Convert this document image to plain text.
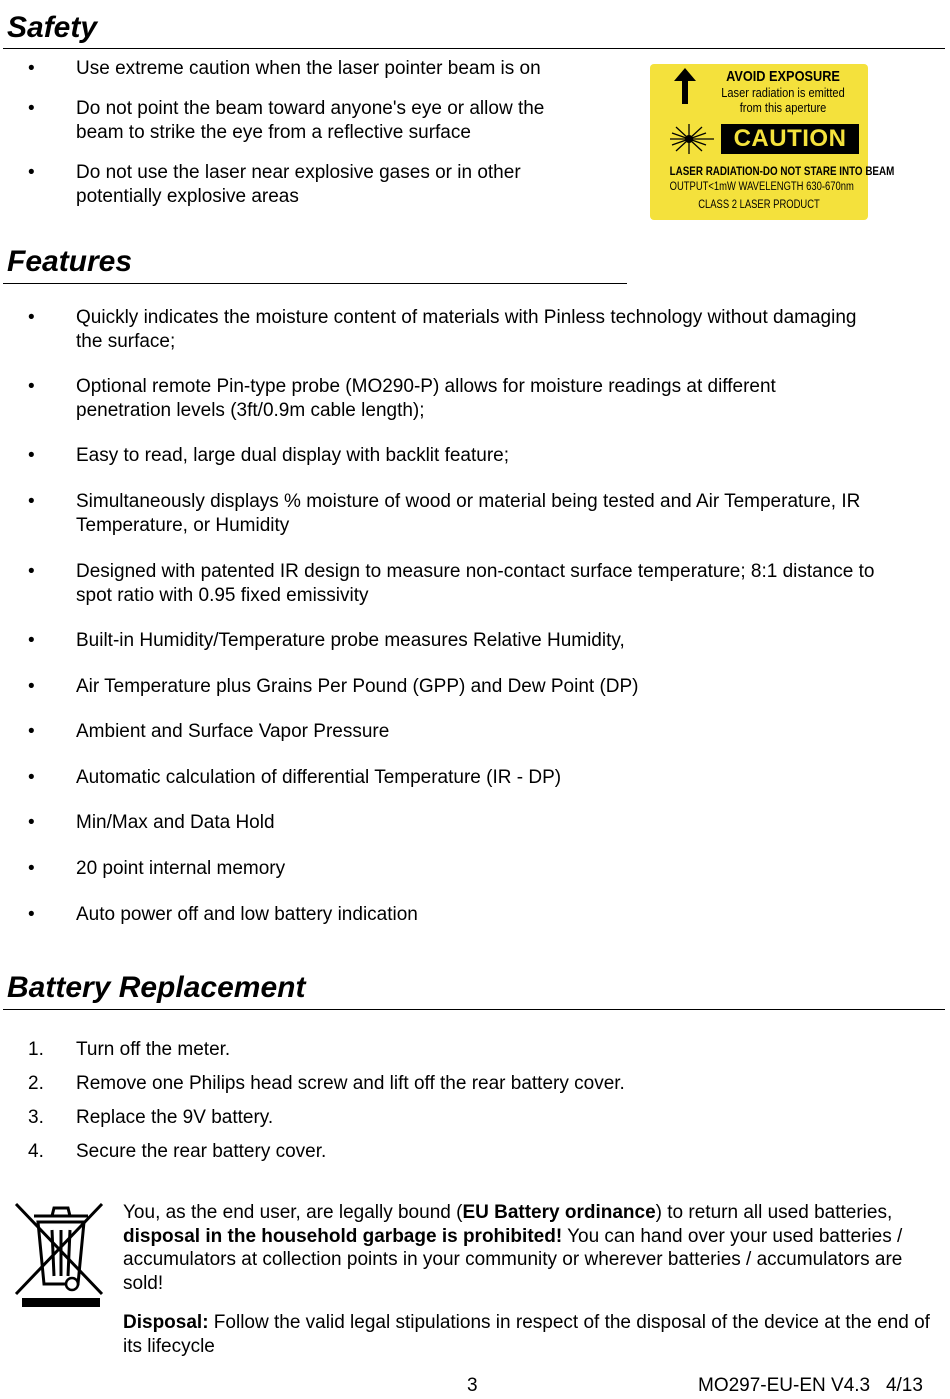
Safety
• Use extreme caution when the laser pointer beam is on
• Do not point the beam toward anyone's eye or allow the
beam to strike the eye from a reflective surface
• Do not use the laser near explosive gases or in other
potentially explosive areas
AVOID EXPOSURE
Laser radiation is emitted
from this aperture
CAUTION
LASER RADIATION-DO NOT STARE INTO BEAM
OUTPUT<1mW WAVELENGTH 630-670nm
CLASS 2 LASER PRODUCT
Features
• Quickly indicates the moisture content of materials with Pinless technology without damaging
the surface;
• Optional remote Pin-type probe (MO290-P) allows for moisture readings at different
penetration levels (3ft/0.9m cable length);
• Easy to read, large dual display with backlit feature;
• Simultaneously displays % moisture of wood or material being tested and Air Temperature, IR
Temperature, or Humidity
• Designed with patented IR design to measure non-contact surface temperature; 8:1 distance to
spot ratio with 0.95 fixed emissivity
• Built-in Humidity/Temperature probe measures Relative Humidity,
• Air Temperature plus Grains Per Pound (GPP) and Dew Point (DP)
• Ambient and Surface Vapor Pressure
• Automatic calculation of differential Temperature (IR - DP)
• Min/Max and Data Hold
• 20 point internal memory
• Auto power off and low battery indication
Battery Replacement
1. Turn off the meter.
2. Remove one Philips head screw and lift off the rear battery cover.
3. Replace the 9V battery.
4. Secure the rear battery cover.
You, as the end user, are legally bound (EU Battery ordinance) to return all used batteries, disposal in the household garbage is prohibited! You can hand over your used batteries / accumulators at collection points in your community or wherever batteries / accumulators are sold!
Disposal: Follow the valid legal stipulations in respect of the disposal of the device at the end of its lifecycle
3	MO297-EU-EN V4.3   4/13
